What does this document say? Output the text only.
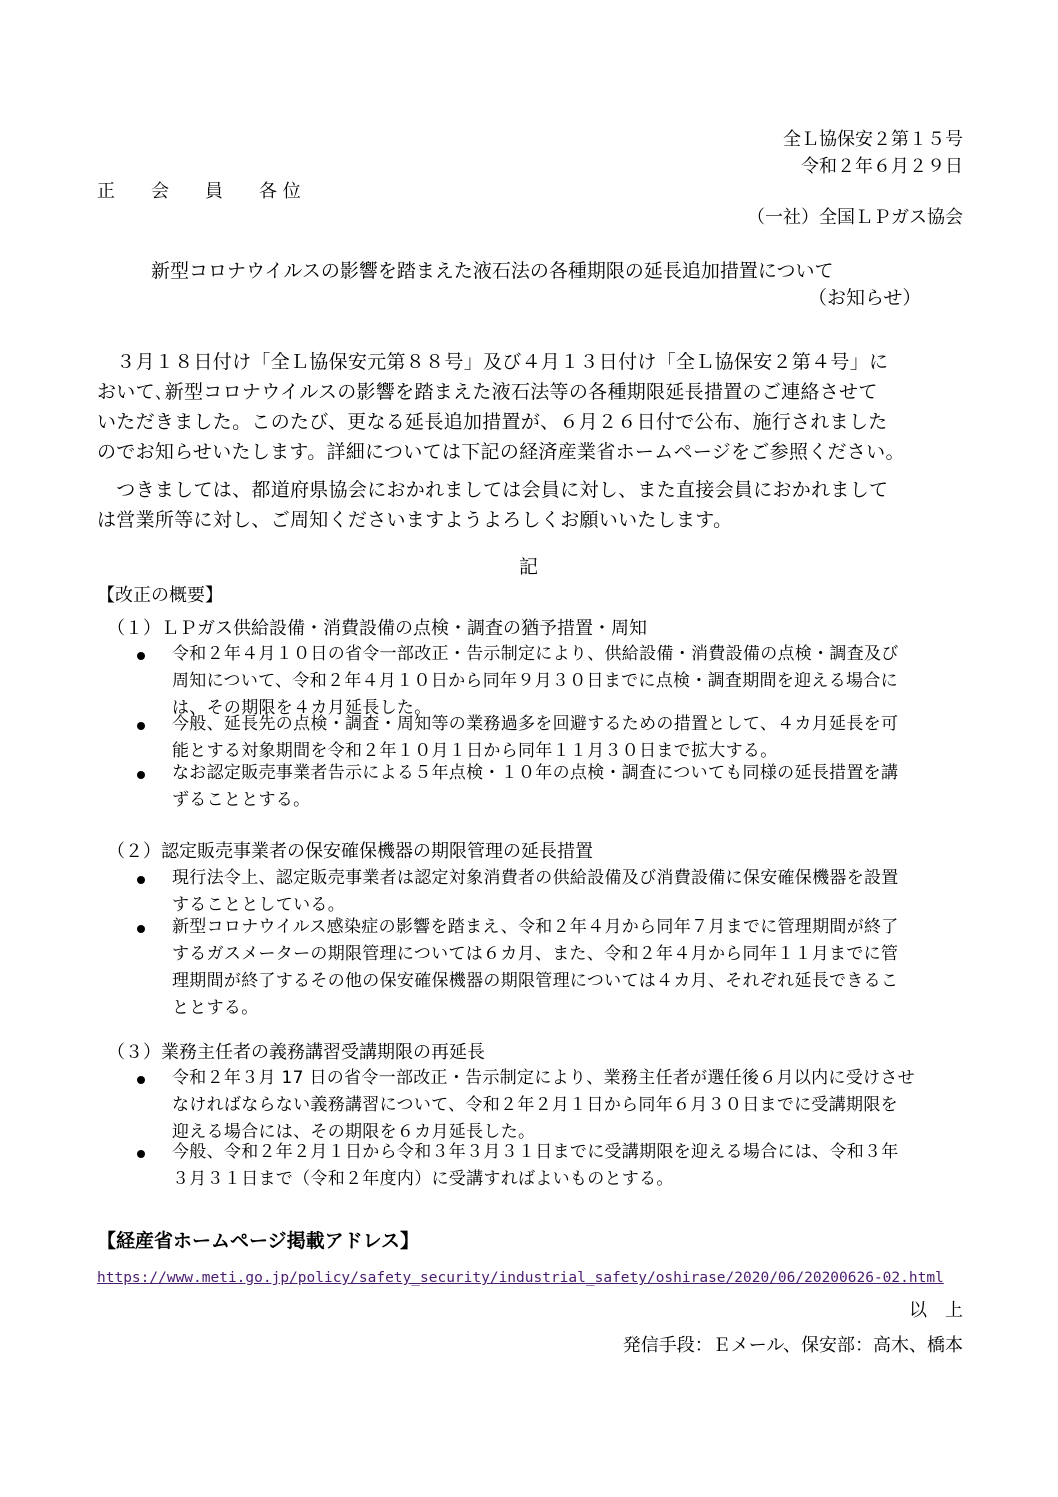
全Ｌ協保安２第１５号
令和２年６月２９日
正　　会　　員　　各 位
（一社）全国ＬＰガス協会
新型コロナウイルスの影響を踏まえた液石法の各種期限の延長追加措置について
（お知らせ）
　３月１８日付け「全Ｌ協保安元第８８号」及び４月１３日付け「全Ｌ協保安２第４号」に
おいて､新型コロナウイルスの影響を踏まえた液石法等の各種期限延長措置のご連絡させて
いただきました。このたび、更なる延長追加措置が、６月２６日付で公布、施行されました
のでお知らせいたします。詳細については下記の経済産業省ホームページをご参照ください。
　つきましては、都道府県協会におかれましては会員に対し、また直接会員におかれまして
は営業所等に対し、ご周知くださいますようよろしくお願いいたします。
記
【改正の概要】
（１）ＬＰガス供給設備・消費設備の点検・調査の猶予措置・周知
令和２年４月１０日の省令一部改正・告示制定により、供給設備・消費設備の点検・調査及び
周知について、令和２年４月１０日から同年９月３０日までに点検・調査期間を迎える場合に
は、その期限を４カ月延長した。
今般、延長先の点検・調査・周知等の業務過多を回避するための措置として、４カ月延長を可
能とする対象期間を令和２年１０月１日から同年１１月３０日まで拡大する。
なお認定販売事業者告示による５年点検・１０年の点検・調査についても同様の延長措置を講
ずることとする。
（２）認定販売事業者の保安確保機器の期限管理の延長措置
現行法令上、認定販売事業者は認定対象消費者の供給設備及び消費設備に保安確保機器を設置
することとしている。
新型コロナウイルス感染症の影響を踏まえ、令和２年４月から同年７月までに管理期間が終了
するガスメーターの期限管理については６カ月、また、令和２年４月から同年１１月までに管
理期間が終了するその他の保安確保機器の期限管理については４カ月、それぞれ延長できるこ
ととする。
（３）業務主任者の義務講習受講期限の再延長
令和２年３月 17 日の省令一部改正・告示制定により、業務主任者が選任後６月以内に受けさせ
なければならない義務講習について、令和２年２月１日から同年６月３０日までに受講期限を
迎える場合には、その期限を６カ月延長した。
今般、令和２年２月１日から令和３年３月３１日までに受講期限を迎える場合には、令和３年
３月３１日まで（令和２年度内）に受講すればよいものとする。
【経産省ホームページ掲載アドレス】
https://www.meti.go.jp/policy/safety_security/industrial_safety/oshirase/2020/06/20200626-02.html
以　上
発信手段：Ｅメール、保安部：高木、橋本
